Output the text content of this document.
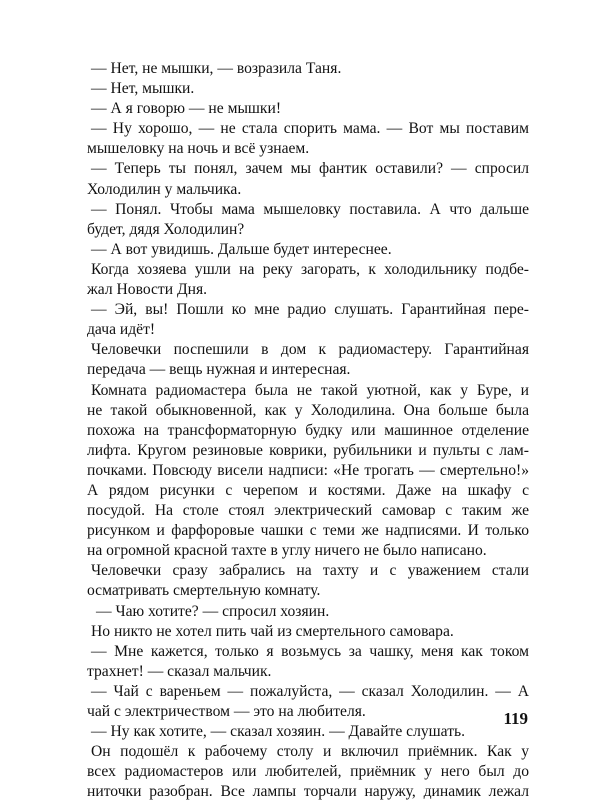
— Нет, не мышки, — возразила Таня.
— Нет, мышки.
— А я говорю — не мышки!
— Ну хорошо, — не стала спорить мама. — Вот мы поставим
мышеловку на ночь и всё узнаем.
— Теперь ты понял, зачем мы фантик оставили? — спросил
Холодилин у мальчика.
— Понял. Чтобы мама мышеловку поставила. А что дальше
будет, дядя Холодилин?
— А вот увидишь. Дальше будет интереснее.
Когда хозяева ушли на реку загорать, к холодильнику подбе-
жал Новости Дня.
— Эй, вы! Пошли ко мне радио слушать. Гарантийная пере-
дача идёт!
Человечки поспешили в дом к радиомастеру. Гарантийная
передача — вещь нужная и интересная.
Комната радиомастера была не такой уютной, как у Буре, и
не такой обыкновенной, как у Холодилина. Она больше была
похожа на трансформаторную будку или машинное отделение
лифта. Кругом резиновые коврики, рубильники и пульты с лам-
почками. Повсюду висели надписи: «Не трогать — смертельно!»
А рядом рисунки с черепом и костями. Даже на шкафу с
посудой. На столе стоял электрический самовар с таким же
рисунком и фарфоровые чашки с теми же надписями. И только
на огромной красной тахте в углу ничего не было написано.
Человечки сразу забрались на тахту и с уважением стали
осматривать смертельную комнату.
— Чаю хотите? — спросил хозяин.
Но никто не хотел пить чай из смертельного самовара.
— Мне кажется, только я возьмусь за чашку, меня как током
трахнет! — сказал мальчик.
— Чай с вареньем — пожалуйста, — сказал Холодилин. — А
чай с электричеством — это на любителя.
— Ну как хотите, — сказал хозяин. — Давайте слушать.
Он подошёл к рабочему столу и включил приёмник. Как у
всех радиомастеров или любителей, приёмник у него был до
ниточки разобран. Все лампы торчали наружу, динамик лежал
119
